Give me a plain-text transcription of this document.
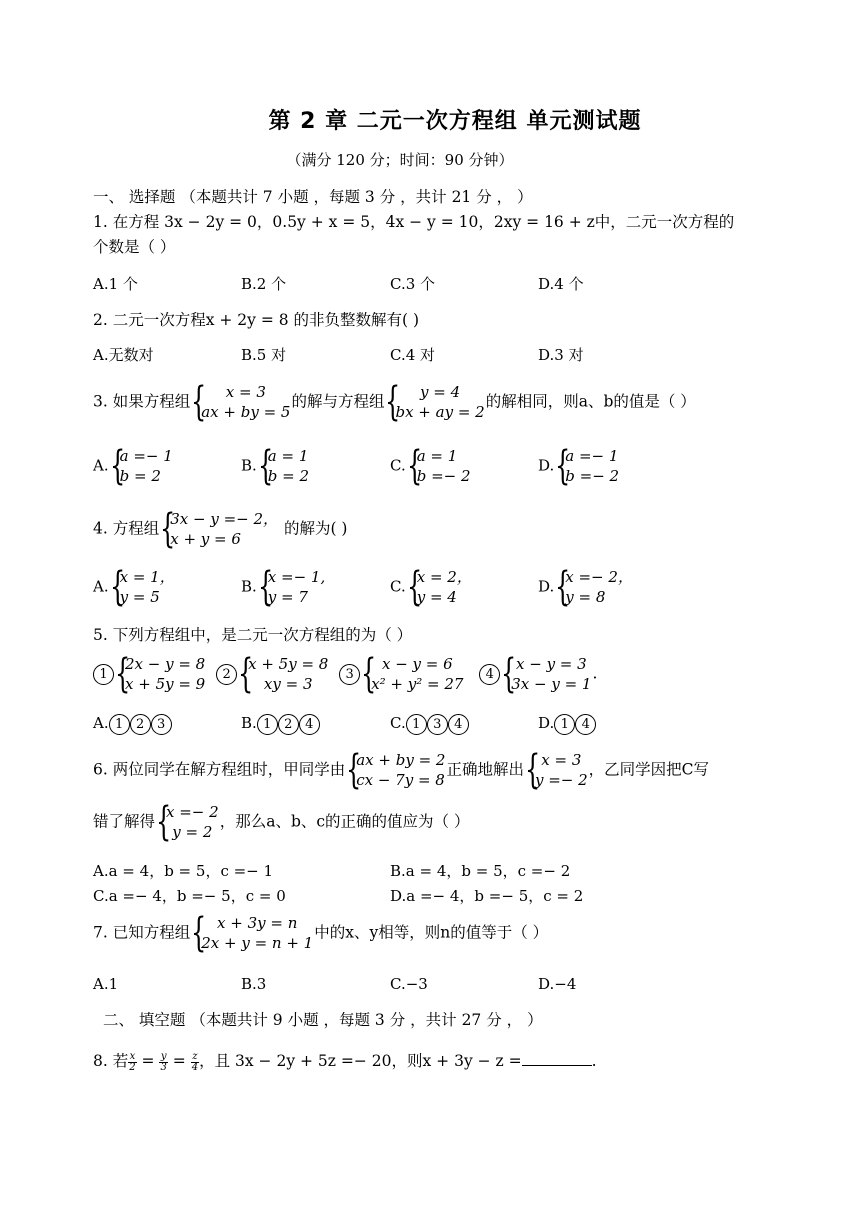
第 2 章 二元一次方程组 单元测试题
（满分 120 分；时间：90 分钟）
一、 选择题 （本题共计 7 小题 ，每题 3 分 ，共计 21 分 ， ）
1. 在方程 3x − 2y = 0，0.5y + x = 5，4x − y = 10，2xy = 16 + z中，二元一次方程的
个数是（ ）
A.1 个	B.2 个	C.3 个	D.4 个
2. 二元一次方程x + 2y = 8 的非负整数解有( )
A.无数对	B.5 对	C.4 对	D.3 对
3. 如果方程组 {	x = 3
ax + by = 5
的解与方程组 {	y = 4
bx + ay = 2
的解相同，则a、b的值是（ ）
A. {
a =− 1
b = 2
B. {
a = 1
b = 2
C. {
a = 1
b =− 2
D. {
a =− 1
b =− 2
4. 方程组 {
3x − y =− 2，
x + y = 6
的解为( )
A. {
x = 1，
y = 5
B. {
x =− 1,
y = 7
C. {
x = 2，
y = 4
D. {
x =− 2，
y = 8
5. 下列方程组中，是二元一次方程组的为（ ）
1 {
2x − y = 8
x + 5y = 9
2 {
x + 5y = 8
xy = 3
3 { x − y = 6
x² + y² = 27
4 { x − y = 3
3x − y = 1
.
A. 1 2 3	B. 1 2 4	C. 1 3 4	D. 1 4
6. 两位同学在解方程组时，甲同学由 {
ax + by = 2
cx − 7y = 8
正确地解出 { x = 3
y =− 2
，乙同学因把C写
错了解得 {
x =− 2
y = 2
，那么a、b、c的正确的值应为（ ）
A.a = 4，b = 5，c =− 1	B.a = 4，b = 5，c =− 2
C.a =− 4，b =− 5，c = 0	D.a =− 4，b =− 5，c = 2
7. 已知方程组 { x + 3y = n
2x + y = n + 1
中的x、y相等，则n的值等于（ ）
A.1	B.3	C.−3	D.−4
二、 填空题 （本题共计 9 小题 ，每题 3 分 ，共计 27 分 ， ）
8. 若 $\frac{x}{2} = \frac{y}{3} = \frac{z}{4}$ ，且 3x − 2y + 5z =− 20，则x + 3y − z =	.
